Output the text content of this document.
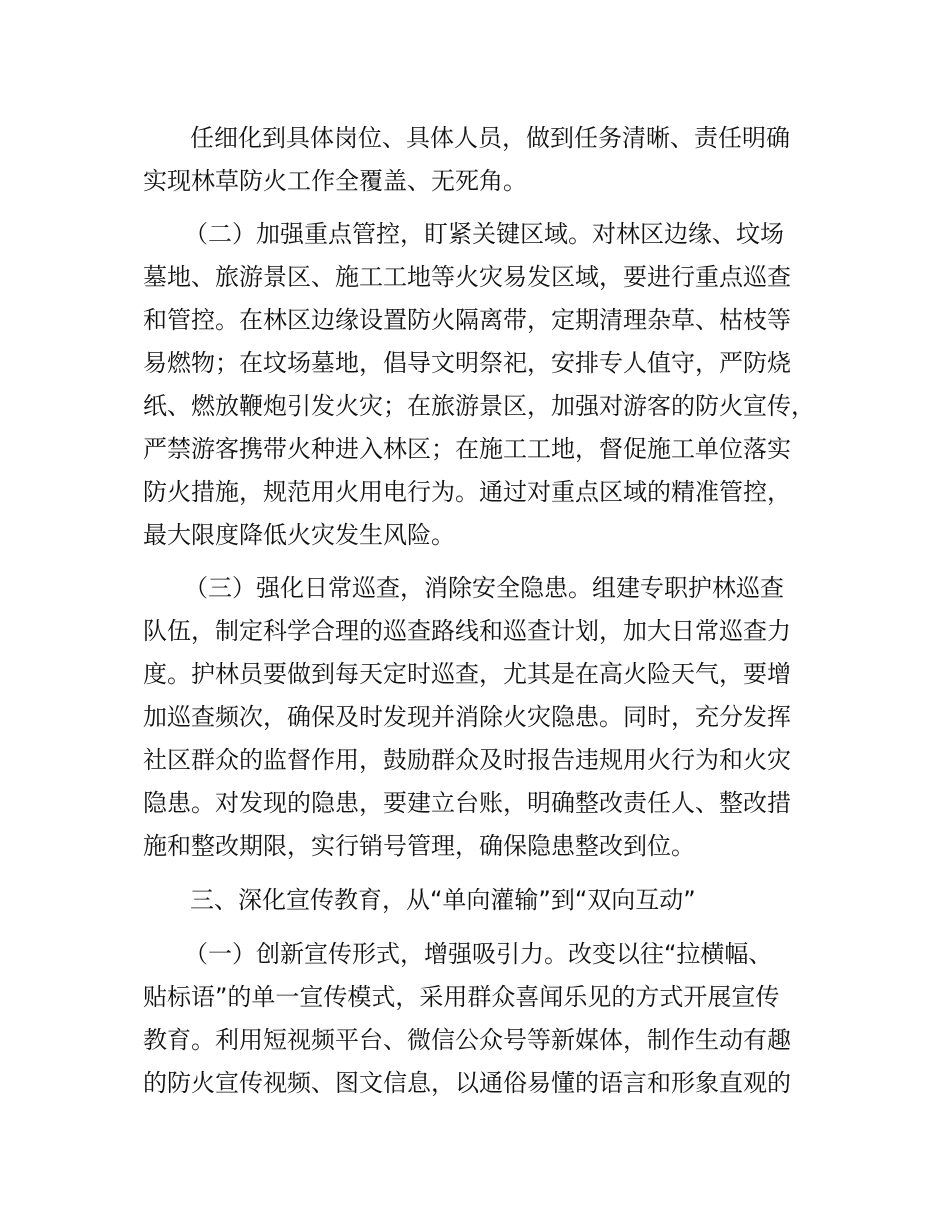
任细化到具体岗位、具体人员，做到任务清晰、责任明确
实现林草防火工作全覆盖、无死角。
（二）加强重点管控，盯紧关键区域。对林区边缘、坟场
墓地、旅游景区、施工工地等火灾易发区域，要进行重点巡查
和管控。在林区边缘设置防火隔离带，定期清理杂草、枯枝等
易燃物；在坟场墓地，倡导文明祭祀，安排专人值守，严防烧
纸、燃放鞭炮引发火灾；在旅游景区，加强对游客的防火宣传，
严禁游客携带火种进入林区；在施工工地，督促施工单位落实
防火措施，规范用火用电行为。通过对重点区域的精准管控，
最大限度降低火灾发生风险。
（三）强化日常巡查，消除安全隐患。组建专职护林巡查
队伍，制定科学合理的巡查路线和巡查计划，加大日常巡查力
度。护林员要做到每天定时巡查，尤其是在高火险天气，要增
加巡查频次，确保及时发现并消除火灾隐患。同时，充分发挥
社区群众的监督作用，鼓励群众及时报告违规用火行为和火灾
隐患。对发现的隐患，要建立台账，明确整改责任人、整改措
施和整改期限，实行销号管理，确保隐患整改到位。
三、深化宣传教育，从“单向灌输”到“双向互动”
（一）创新宣传形式，增强吸引力。改变以往“拉横幅、
贴标语”的单一宣传模式，采用群众喜闻乐见的方式开展宣传
教育。利用短视频平台、微信公众号等新媒体，制作生动有趣
的防火宣传视频、图文信息，以通俗易懂的语言和形象直观的
